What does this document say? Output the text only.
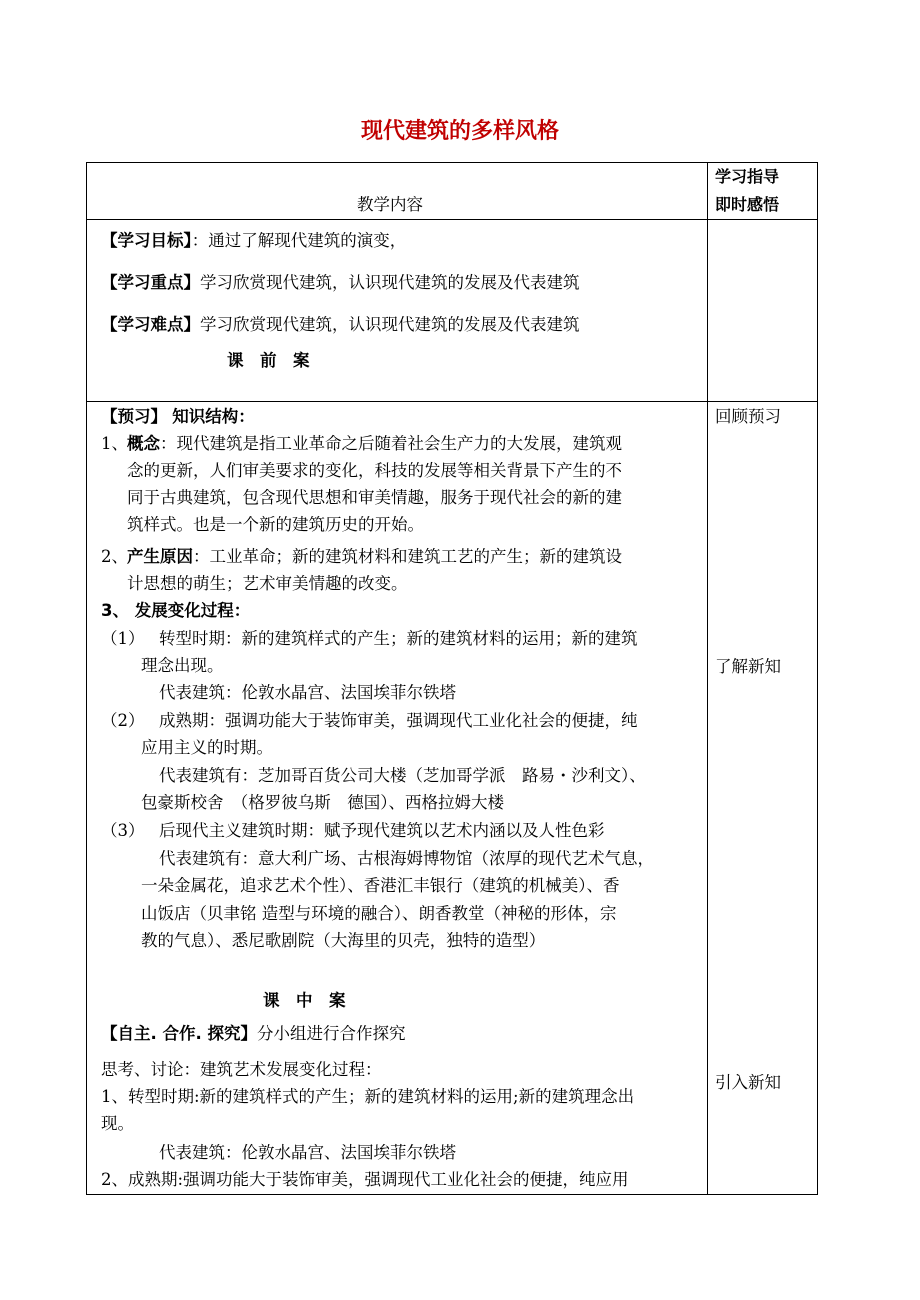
现代建筑的多样风格
教学内容
学习指导
即时感悟
【学习目标】：通过了解现代建筑的演变，
【学习重点】学习欣赏现代建筑，认识现代建筑的发展及代表建筑
【学习难点】学习欣赏现代建筑，认识现代建筑的发展及代表建筑
课　前　案
【预习】 知识结构：
1、 概念：现代建筑是指工业革命之后随着社会生产力的大发展，建筑观
念的更新，人们审美要求的变化，科技的发展等相关背景下产生的不
同于古典建筑，包含现代思想和审美情趣，服务于现代社会的新的建
筑样式。也是一个新的建筑历史的开始。
2、 产生原因：工业革命；新的建筑材料和建筑工艺的产生；新的建筑设
计思想的萌生；艺术审美情趣的改变。
3、 发展变化过程：
（1） 转型时期：新的建筑样式的产生；新的建筑材料的运用；新的建筑
理念出现。
代表建筑：伦敦水晶宫、法国埃菲尔铁塔
（2） 成熟期：强调功能大于装饰审美，强调现代工业化社会的便捷，纯
应用主义的时期。
代表建筑有：芝加哥百货公司大楼（芝加哥学派　路易・沙利文）、
包豪斯校舍　（格罗彼乌斯　德国）、西格拉姆大楼
（3） 后现代主义建筑时期：赋予现代建筑以艺术内涵以及人性色彩
代表建筑有：意大利广场、古根海姆博物馆（浓厚的现代艺术气息，
一朵金属花，追求艺术个性）、香港汇丰银行（建筑的机械美）、香
山饭店（贝聿铭 造型与环境的融合）、朗香教堂（神秘的形体，宗
教的气息）、悉尼歌剧院（大海里的贝壳，独特的造型）
课　中　案
【自主. 合作. 探究】分小组进行合作探究
思考、讨论：建筑艺术发展变化过程：
1、转型时期:新的建筑样式的产生；新的建筑材料的运用;新的建筑理念出
现。
代表建筑：伦敦水晶宫、法国埃菲尔铁塔
2、成熟期:强调功能大于装饰审美，强调现代工业化社会的便捷，纯应用
回顾预习
了解新知
引入新知
